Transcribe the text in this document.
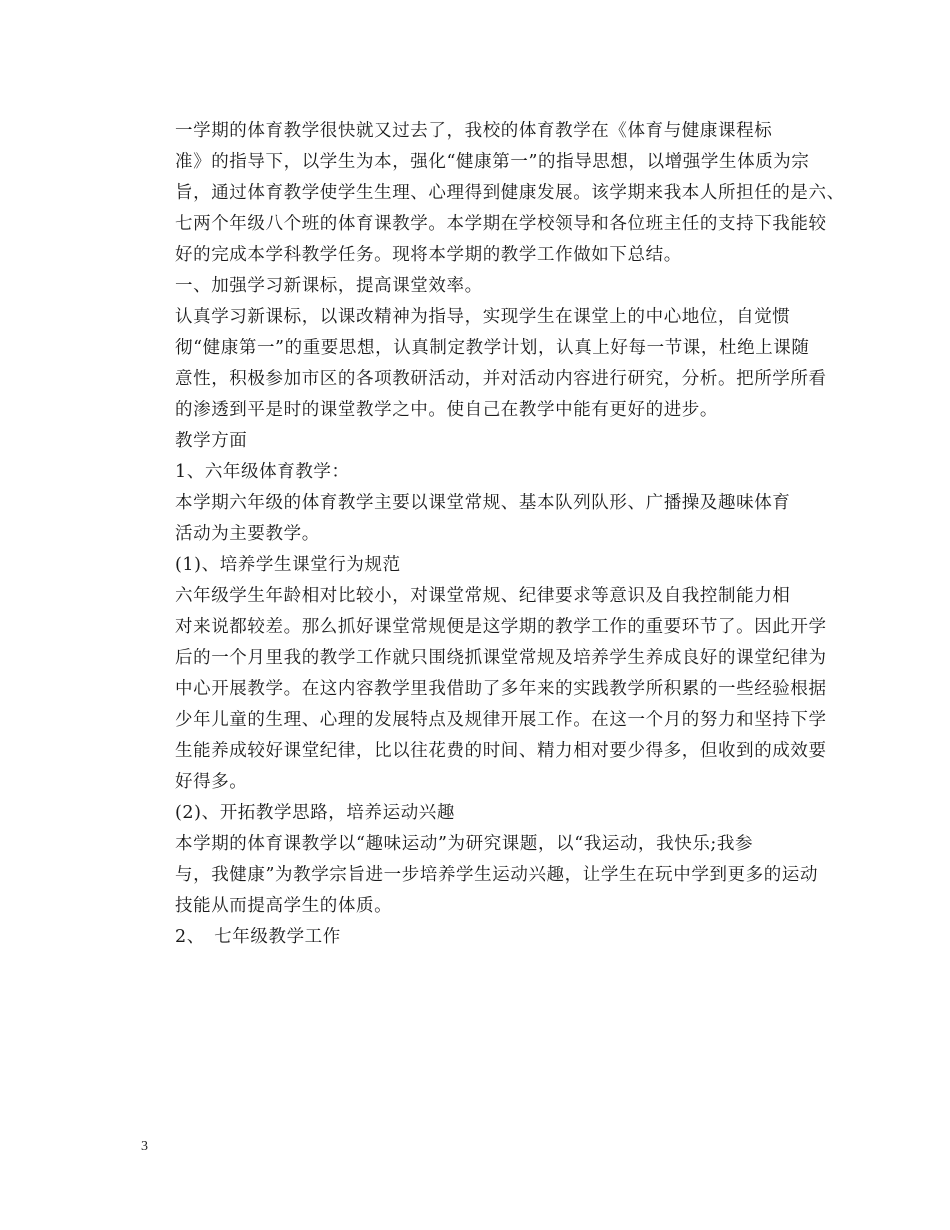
一学期的体育教学很快就又过去了，我校的体育教学在《体育与健康课程标
准》的指导下，以学生为本，强化“健康第一”的指导思想，以增强学生体质为宗
旨，通过体育教学使学生生理、心理得到健康发展。该学期来我本人所担任的是六、
七两个年级八个班的体育课教学。本学期在学校领导和各位班主任的支持下我能较
好的完成本学科教学任务。现将本学期的教学工作做如下总结。

一、加强学习新课标，提高课堂效率。

认真学习新课标，以课改精神为指导，实现学生在课堂上的中心地位，自觉惯
彻“健康第一”的重要思想，认真制定教学计划，认真上好每一节课，杜绝上课随
意性，积极参加市区的各项教研活动，并对活动内容进行研究，分析。把所学所看
的渗透到平是时的课堂教学之中。使自己在教学中能有更好的进步。

教学方面

1、六年级体育教学：

本学期六年级的体育教学主要以课堂常规、基本队列队形、广播操及趣味体育
活动为主要教学。

(1)、培养学生课堂行为规范

六年级学生年龄相对比较小，对课堂常规、纪律要求等意识及自我控制能力相
对来说都较差。那么抓好课堂常规便是这学期的教学工作的重要环节了。因此开学
后的一个月里我的教学工作就只围绕抓课堂常规及培养学生养成良好的课堂纪律为
中心开展教学。在这内容教学里我借助了多年来的实践教学所积累的一些经验根据
少年儿童的生理、心理的发展特点及规律开展工作。在这一个月的努力和坚持下学
生能养成较好课堂纪律，比以往花费的时间、精力相对要少得多，但收到的成效要
好得多。

(2)、开拓教学思路，培养运动兴趣

本学期的体育课教学以“趣味运动”为研究课题，以“我运动，我快乐;我参
与，我健康”为教学宗旨进一步培养学生运动兴趣，让学生在玩中学到更多的运动
技能从而提高学生的体质。

2、　七年级教学工作

3
